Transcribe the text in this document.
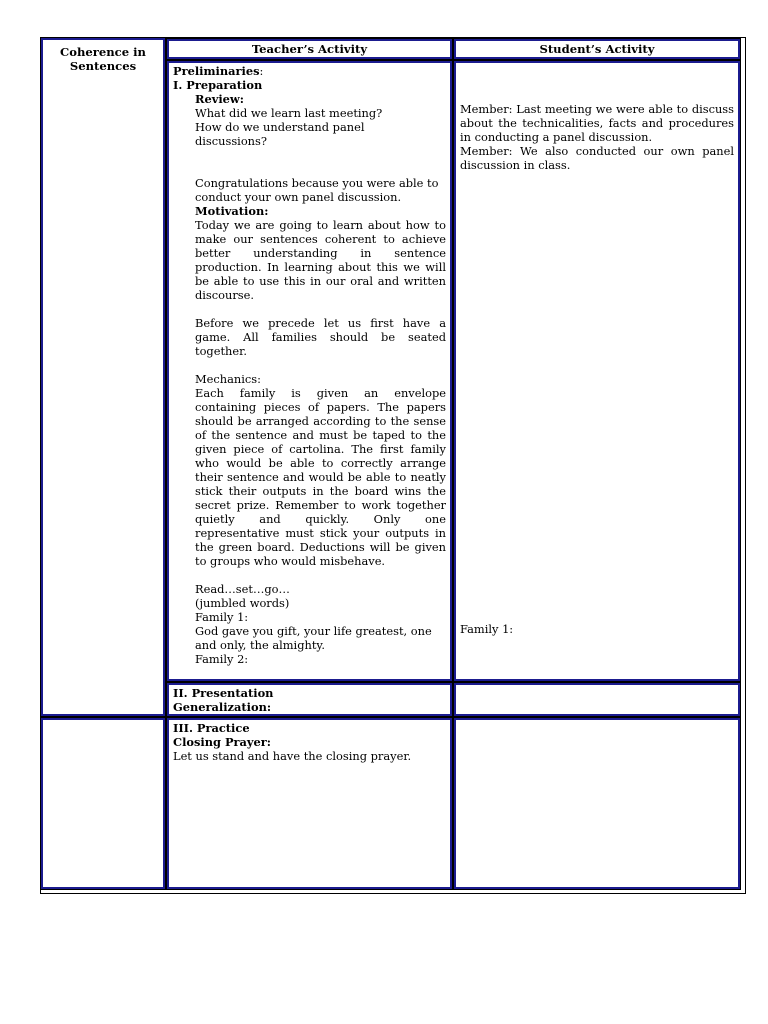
Coherence in Sentences
Teacher’s Activity	Student’s Activity
Preliminaries:
I. Preparation
Review:
What did we learn last meeting?
How do we understand panel discussions?
Congratulations because you were able to conduct your own panel discussion.
Motivation:
Today we are going to learn about how to make our sentences coherent to achieve better understanding in sentence production. In learning about this we will be able to use this in our oral and written discourse.
Before we precede let us first have a game. All families should be seated together.
Mechanics:
Each family is given an envelope containing pieces of papers. The papers should be arranged according to the sense of the sentence and must be taped to the given piece of cartolina. The first family who would be able to correctly arrange their sentence and would be able to neatly stick their outputs in the board wins the secret prize. Remember to work together quietly and quickly. Only one representative must stick your outputs in the green board. Deductions will be given to groups who would misbehave.
Read…set…go…
(jumbled words)
Family 1:
God gave you gift, your life greatest, one and only, the almighty.
Family 2:
Member: Last meeting we were able to discuss about the technicalities, facts and procedures in conducting a panel discussion.
Member: We also conducted our own panel discussion in class.
Family 1:
II. Presentation
Generalization:
III. Practice
Closing Prayer:
Let us stand and have the closing prayer.
